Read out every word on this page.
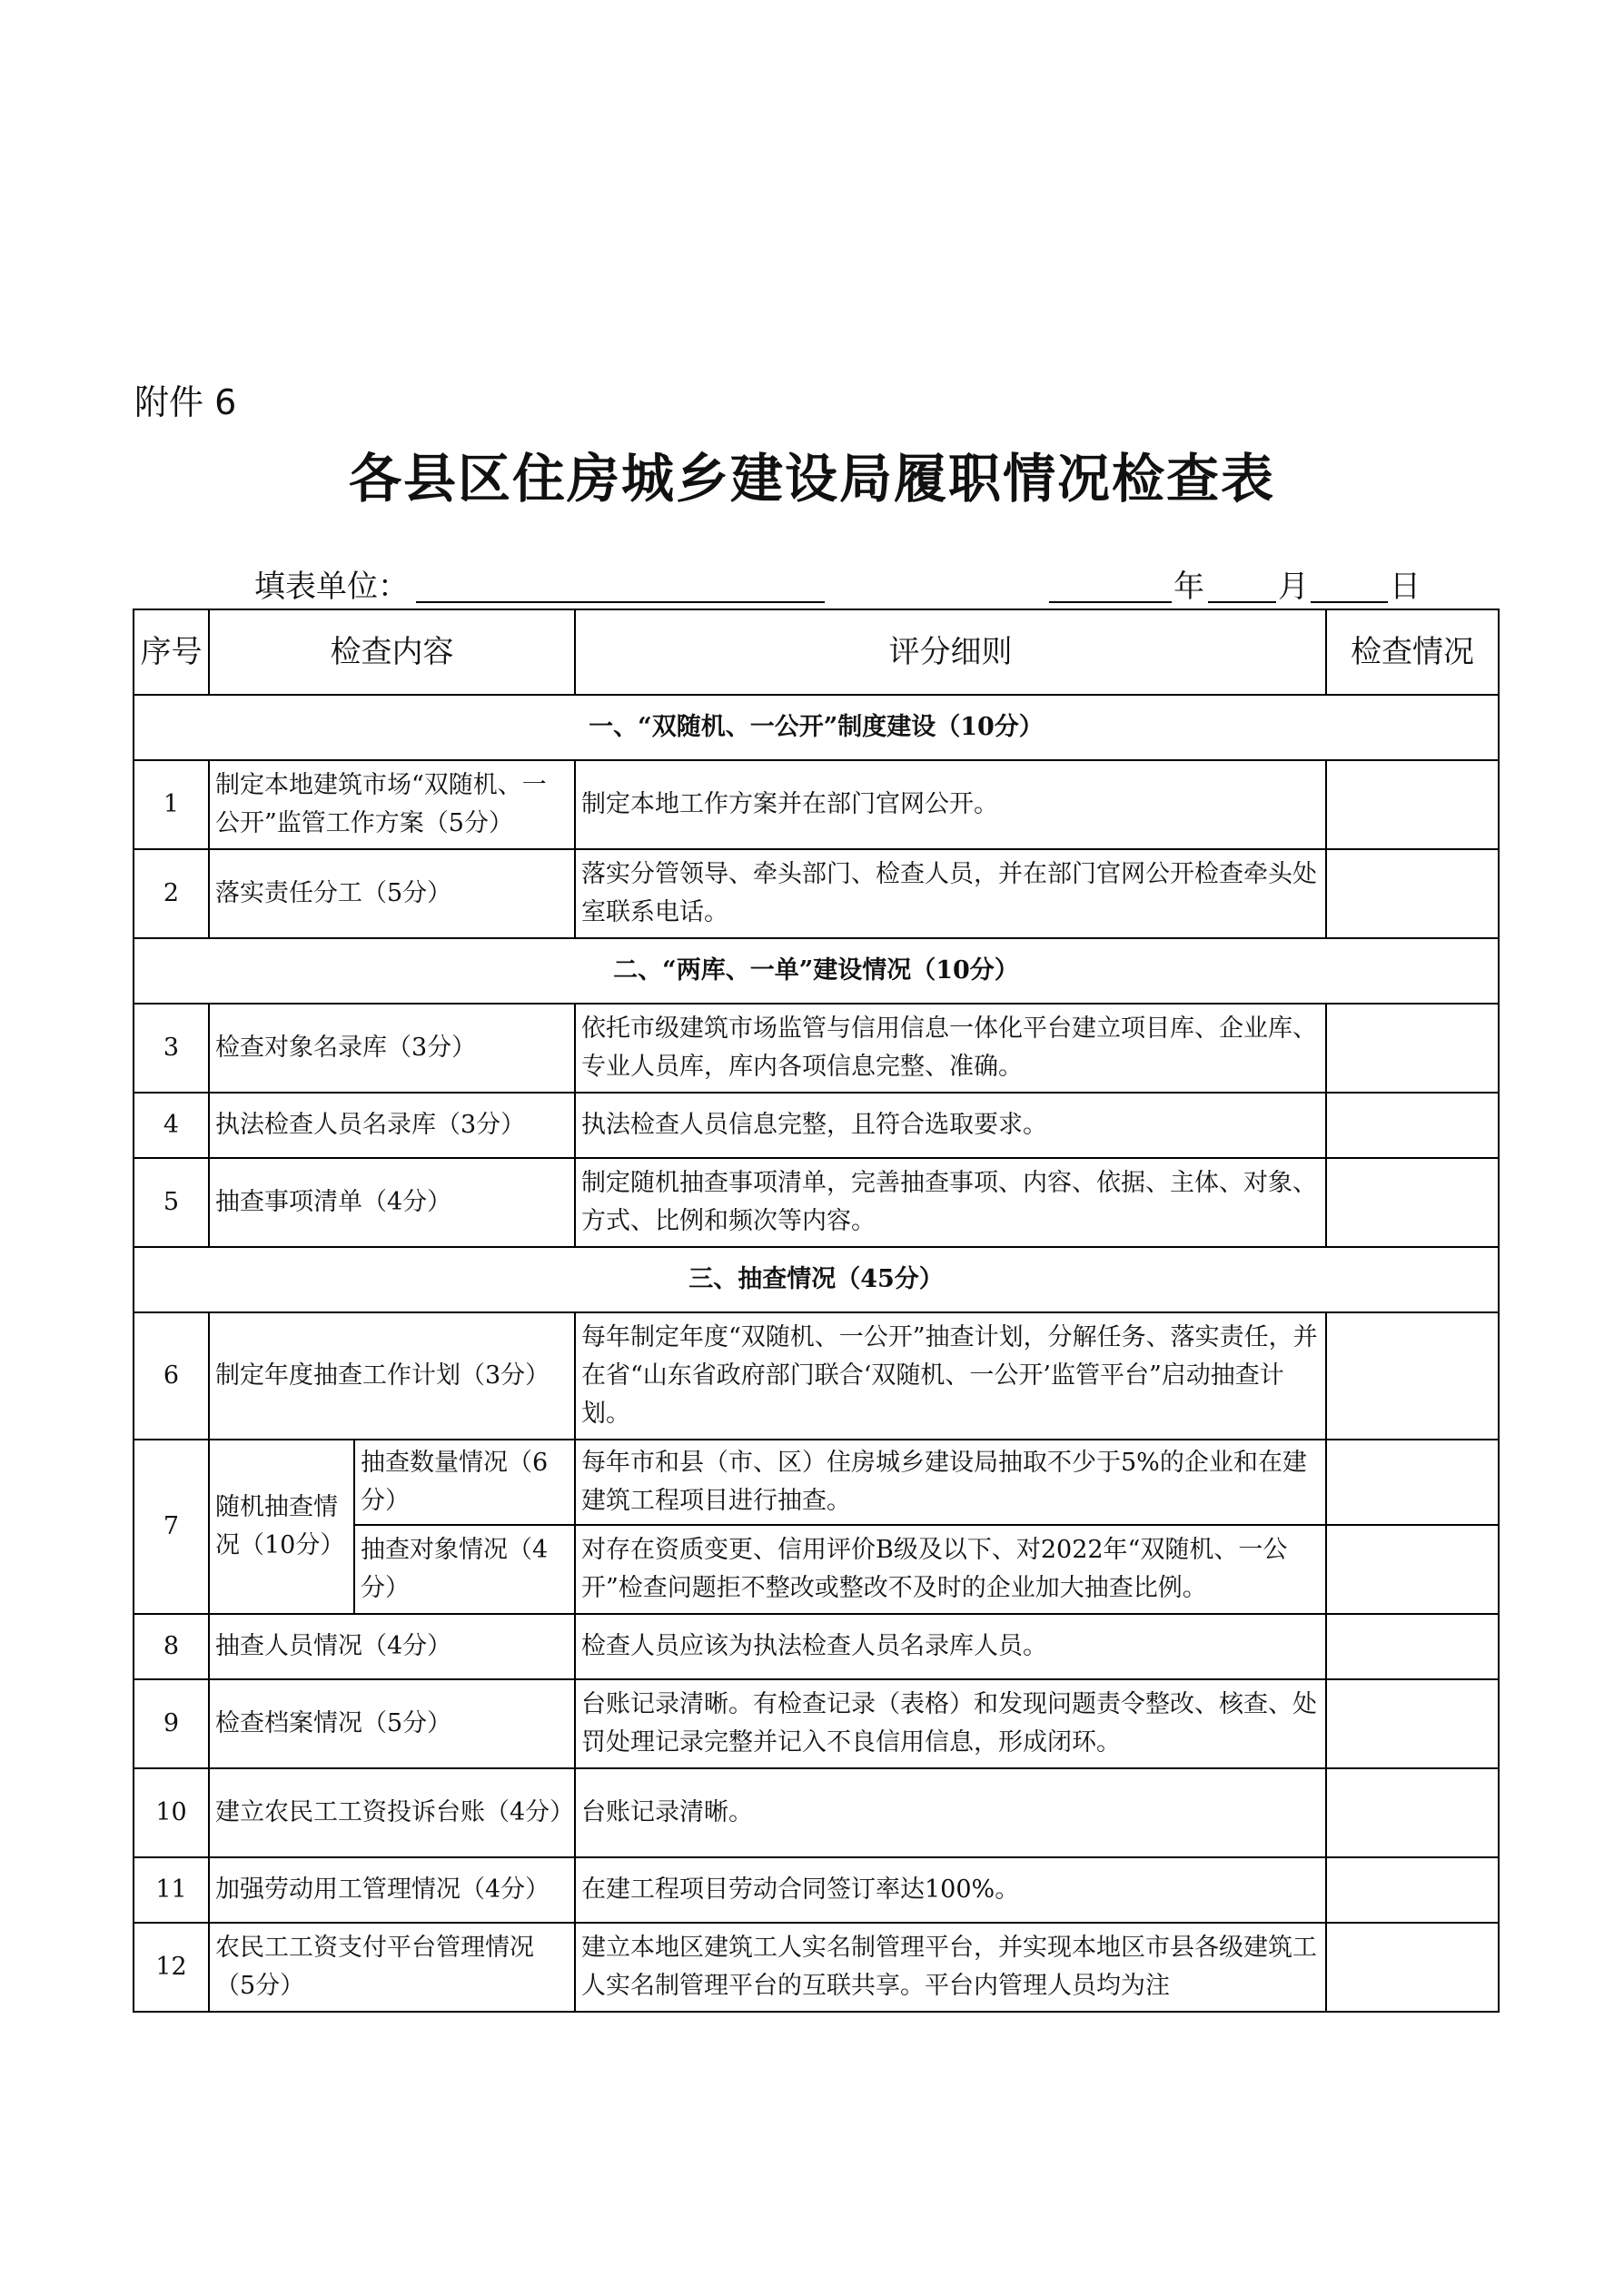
附件 6
各县区住房城乡建设局履职情况检查表
填表单位：	年 月	日
序号	检查内容		评分细则	检查情况
一、“双随机、一公开”制度建设（10分）				
1	制定本地建筑市场“双随机、一公开”监管工作方案（5分）		制定本地工作方案并在部门官网公开。	
2	落实责任分工（5分）		落实分管领导、牵头部门、检查人员，并在部门官网公开检查牵头处室联系电话。	
二、“两库、一单”建设情况（10分）				
3	检查对象名录库（3分）		依托市级建筑市场监管与信用信息一体化平台建立项目库、企业库、专业人员库，库内各项信息完整、准确。	
4	执法检查人员名录库（3分）		执法检查人员信息完整，且符合选取要求。	
5	抽查事项清单（4分）		制定随机抽查事项清单，完善抽查事项、内容、依据、主体、对象、方式、比例和频次等内容。	
三、抽查情况（45分）				
6	制定年度抽查工作计划（3分）		每年制定年度“双随机、一公开”抽查计划，分解任务、落实责任，并在省“山东省政府部门联合‘双随机、一公开’监管平台”启动抽查计划。	
7	随机抽查情况（10分）	抽查数量情况（6分）	每年市和县（市、区）住房城乡建设局抽取不少于5%的企业和在建建筑工程项目进行抽查。	
		抽查对象情况（4分）	对存在资质变更、信用评价B级及以下、对2022年“双随机、一公开”检查问题拒不整改或整改不及时的企业加大抽查比例。	
8	抽查人员情况（4分）		检查人员应该为执法检查人员名录库人员。	
9	检查档案情况（5分）		台账记录清晰。有检查记录（表格）和发现问题责令整改、核查、处罚处理记录完整并记入不良信用信息，形成闭环。	
10	建立农民工工资投诉台账（4分）		台账记录清晰。	
11	加强劳动用工管理情况（4分）		在建工程项目劳动合同签订率达100%。	
12	农民工工资支付平台管理情况（5分）		建立本地区建筑工人实名制管理平台，并实现本地区市县各级建筑工人实名制管理平台的互联共享。平台内管理人员均为注	
